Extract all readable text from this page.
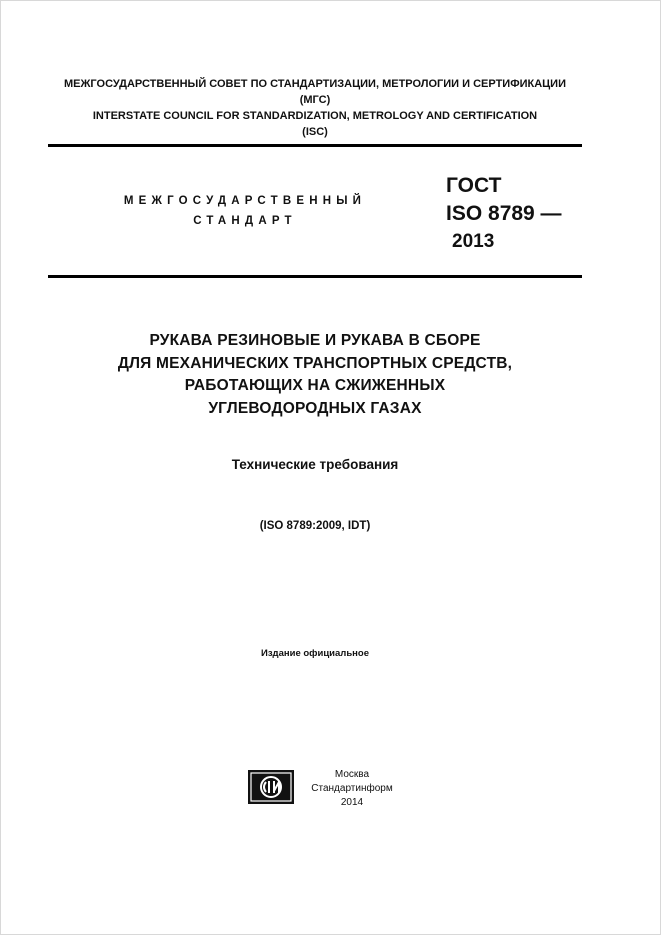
МЕЖГОСУДАРСТВЕННЫЙ СОВЕТ ПО СТАНДАРТИЗАЦИИ, МЕТРОЛОГИИ И СЕРТИФИКАЦИИ
(МГС)
INTERSTATE COUNCIL FOR STANDARDIZATION, METROLOGY AND CERTIFICATION
(ISC)
МЕЖГОСУДАРСТВЕННЫЙ
СТАНДАРТ
ГОСТ
ISO 8789 —
2013
РУКАВА РЕЗИНОВЫЕ И РУКАВА В СБОРЕ
ДЛЯ МЕХАНИЧЕСКИХ ТРАНСПОРТНЫХ СРЕДСТВ,
РАБОТАЮЩИХ НА СЖИЖЕННЫХ
УГЛЕВОДОРОДНЫХ ГАЗАХ
Технические требования
(ISO 8789:2009, IDT)
Издание официальное
Москва
Стандартинформ
2014
